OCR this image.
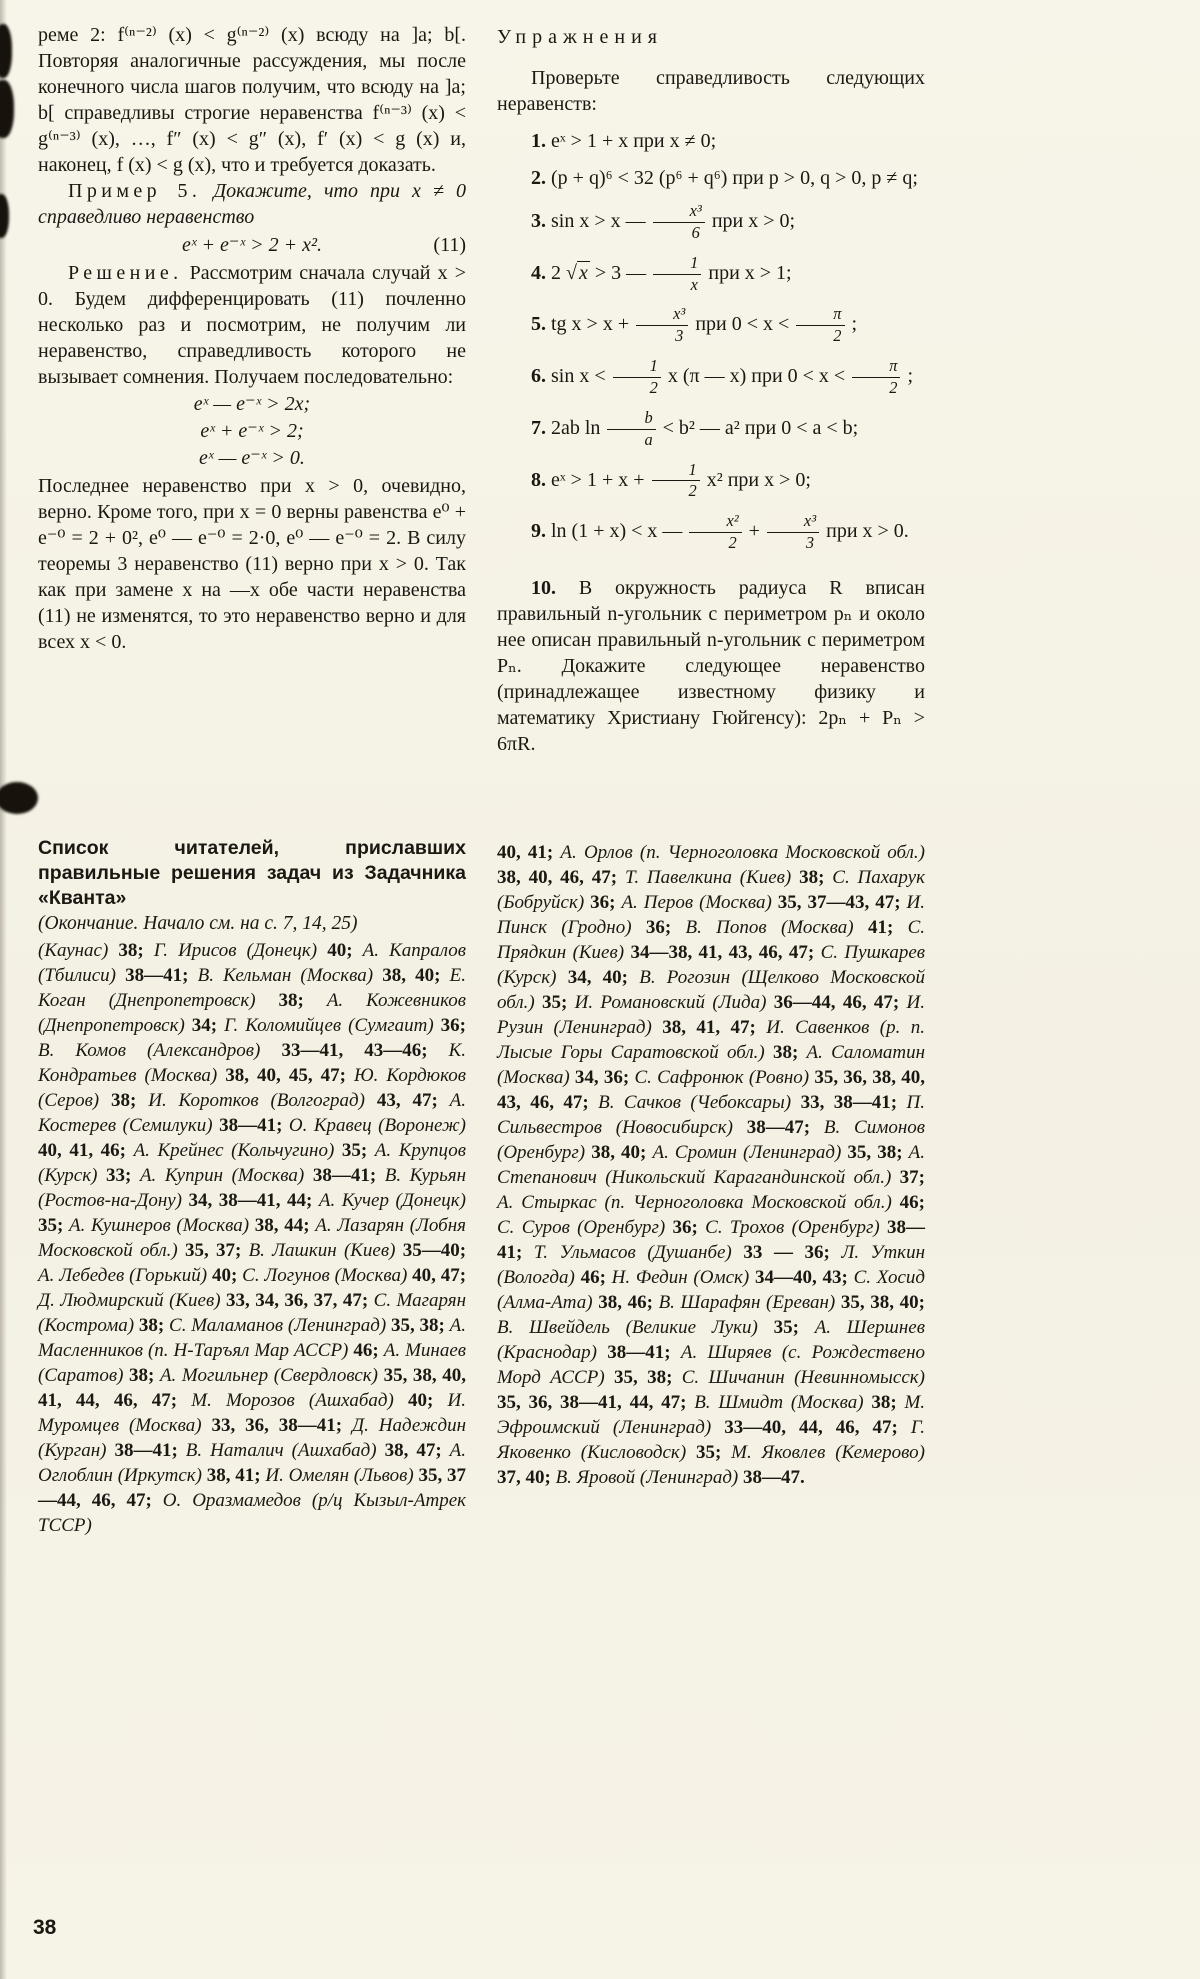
реме 2: f⁽ⁿ⁻²⁾ (x) < g⁽ⁿ⁻²⁾ (x) всюду на ]a; b[. Повторяя аналогичные рассуждения, мы после конечного числа шагов получим, что всюду на ]a; b[ справедливы строгие неравенства f⁽ⁿ⁻³⁾ (x) < g⁽ⁿ⁻³⁾ (x), …, f″ (x) < g″ (x), f′ (x) < g (x) и, наконец, f (x) < g (x), что и требуется доказать.

Пример 5. Докажите, что при x ≠ 0 справедливо неравенство

eˣ + e⁻ˣ > 2 + x².	(11)

Решение. Рассмотрим сначала случай x > 0. Будем дифференцировать (11) почленно несколько раз и посмотрим, не получим ли неравенство, справедливость которого не вызывает сомнения. Получаем последовательно:

eˣ — e⁻ˣ > 2x;
eˣ + e⁻ˣ > 2;
eˣ — e⁻ˣ > 0.

Последнее неравенство при x > 0, очевидно, верно. Кроме того, при x = 0 верны равенства e⁰ + e⁻⁰ = 2 + 0², e⁰ — e⁻⁰ = 2·0, e⁰ — e⁻⁰ = 2. В силу теоремы 3 неравенство (11) верно при x > 0. Так как при замене x на —x обе части неравенства (11) не изменятся, то это неравенство верно и для всех x < 0.

Упражнения

Проверьте справедливость следующих неравенств:

1. eˣ > 1 + x при x ≠ 0;

2. (p + q)⁶ < 32 (p⁶ + q⁶) при p > 0, q > 0, p ≠ q;

3. sin x > x — $\frac{\text{x³}}{6}$ при x > 0;

4. 2 √ x > 3 — $\frac{1}{x}$ при x > 1;

5. tg $x > x + \frac{\text{x³}}{3}$ при $0 < x < \frac{\pi}{2}$ ;

6. $\sin x < \frac{1}{2}$ x (π — x) при $0 < x < \frac{\pi}{2}$ ;

7. 2ab $\ln \frac{b}{a} < b^2$ — a² при 0 < a < b;

8. eˣ > $1 + x + \frac{1}{2} x^2$ при x > 0;

9. ln (1 + x) < x — $\frac{\text{x²}}{2} + \frac{\text{x³}}{3}$ при x > 0.

10. В окружность радиуса R вписан правильный n-угольник с периметром pₙ и около нее описан правильный n-угольник с периметром Pₙ. Докажите следующее неравенство (принадлежащее известному физику и математику Христиану Гюйгенсу): 2pₙ + Pₙ > 6πR.

Список читателей, приславших правильные решения задач из Задачника «Кванта»

(Окончание. Начало см. на с. 7, 14, 25)

(Каунас) 38; Г. Ирисов (Донецк) 40; А. Капралов (Тбилиси) 38—41; В. Кельман (Москва) 38, 40; Е. Коган (Днепропетровск) 38; А. Кожевников (Днепропетровск) 34; Г. Коломийцев (Сумгаит) 36; В. Комов (Александров) 33—41, 43—46; К. Кондратьев (Москва) 38, 40, 45, 47; Ю. Кордюков (Серов) 38; И. Коротков (Волгоград) 43, 47; А. Костерев (Семилуки) 38—41; О. Кравец (Воронеж) 40, 41, 46; А. Крейнес (Кольчугино) 35; А. Крупцов (Курск) 33; А. Куприн (Москва) 38—41; В. Курьян (Ростов-на-Дону) 34, 38—41, 44; А. Кучер (Донецк) 35; А. Кушнеров (Москва) 38, 44; А. Лазарян (Лобня Московской обл.) 35, 37; В. Лашкин (Киев) 35—40; А. Лебедев (Горький) 40; С. Логунов (Москва) 40, 47; Д. Людмирский (Киев) 33, 34, 36, 37, 47; С. Магарян (Кострома) 38; С. Маламанов (Ленинград) 35, 38; А. Масленников (п. Н-Таръял Мар АССР) 46; А. Минаев (Саратов) 38; А. Могильнер (Свердловск) 35, 38, 40, 41, 44, 46, 47; М. Морозов (Ашхабад) 40; И. Муромцев (Москва) 33, 36, 38—41; Д. Надеждин (Курган) 38—41; В. Наталич (Ашхабад) 38, 47; А. Оглоблин (Иркутск) 38, 41; И. Омелян (Львов) 35, 37—44, 46, 47; О. Оразмамедов (р/ц Кызыл-Атрек ТССР)

40, 41; А. Орлов (п. Черноголовка Московской обл.) 38, 40, 46, 47; Т. Павелкина (Киев) 38; С. Пахарук (Бобруйск) 36; А. Перов (Москва) 35, 37—43, 47; И. Пинск (Гродно) 36; В. Попов (Москва) 41; С. Прядкин (Киев) 34—38, 41, 43, 46, 47; С. Пушкарев (Курск) 34, 40; В. Рогозин (Щелково Московской обл.) 35; И. Романовский (Лида) 36—44, 46, 47; И. Рузин (Ленинград) 38, 41, 47; И. Савенков (р. п. Лысые Горы Саратовской обл.) 38; А. Саломатин (Москва) 34, 36; С. Сафронюк (Ровно) 35, 36, 38, 40, 43, 46, 47; В. Сачков (Чебоксары) 33, 38—41; П. Сильвестров (Новосибирск) 38—47; В. Симонов (Оренбург) 38, 40; А. Сромин (Ленинград) 35, 38; А. Степанович (Никольский Карагандинской обл.) 37; А. Стыркас (п. Черноголовка Московской обл.) 46; С. Суров (Оренбург) 36; С. Трохов (Оренбург) 38—41; Т. Ульмасов (Душанбе) 33 — 36; Л. Уткин (Вологда) 46; Н. Федин (Омск) 34—40, 43; С. Хосид (Алма-Ата) 38, 46; В. Шарафян (Ереван) 35, 38, 40; В. Швейдель (Великие Луки) 35; А. Шершнев (Краснодар) 38—41; А. Ширяев (с. Рождествено Морд АССР) 35, 38; С. Шичанин (Невинномысск) 35, 36, 38—41, 44, 47; В. Шмидт (Москва) 38; М. Эфроимский (Ленинград) 33—40, 44, 46, 47; Г. Яковенко (Кисловодск) 35; М. Яковлев (Кемерово) 37, 40; В. Яровой (Ленинград) 38—47.

38
